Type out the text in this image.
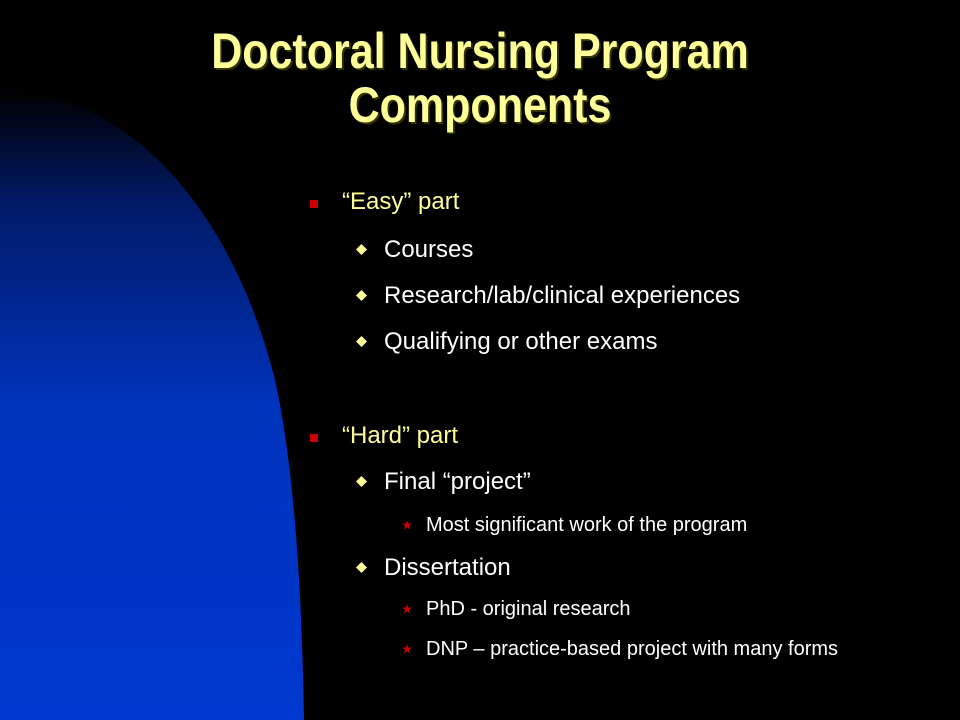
Doctoral Nursing Program
Components
“Easy” part
Courses
Research/lab/clinical experiences
Qualifying or other exams
“Hard” part
Final “project”
Most significant work of the program
Dissertation
PhD - original research
DNP – practice-based project with many forms
